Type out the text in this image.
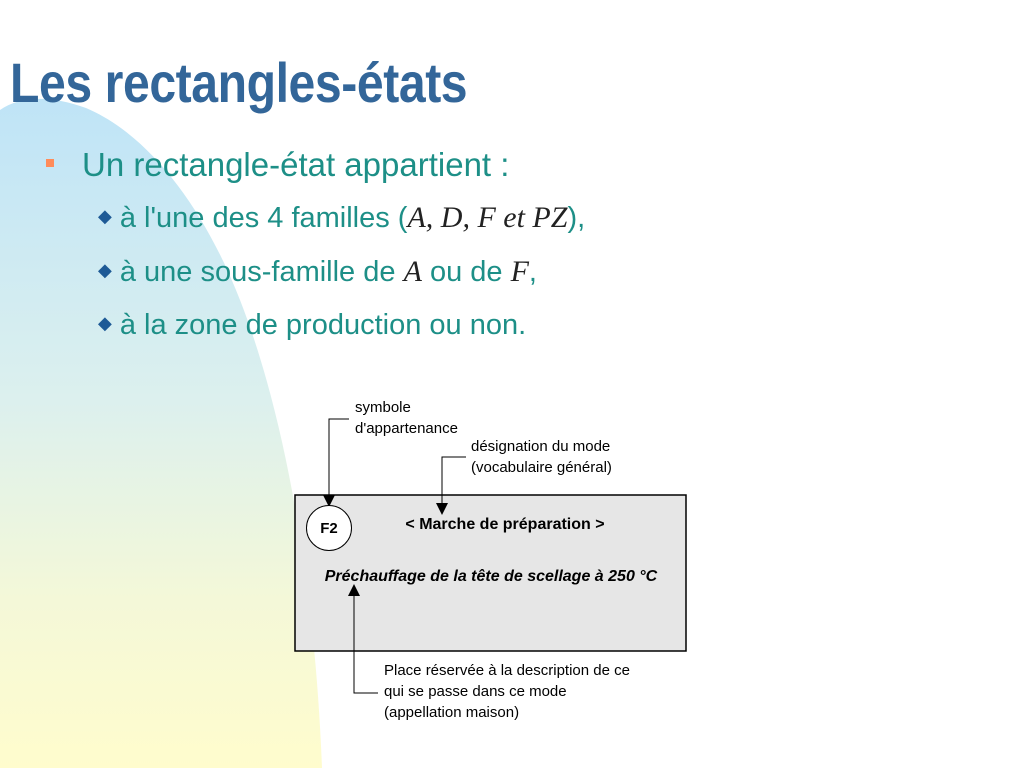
Les rectangles-états
Un rectangle-état appartient :
◆ à l'une des 4 familles (A, D, F et PZ),
◆ à une sous-famille de A ou de F,
◆ à la zone de production ou non.
F2	< Marche de préparation >
Préchauffage de la tête de scellage à 250 °C
symbole
d'appartenance
désignation du mode
(vocabulaire général)
Place réservée à la description de ce
qui se passe dans ce mode
(appellation maison)
